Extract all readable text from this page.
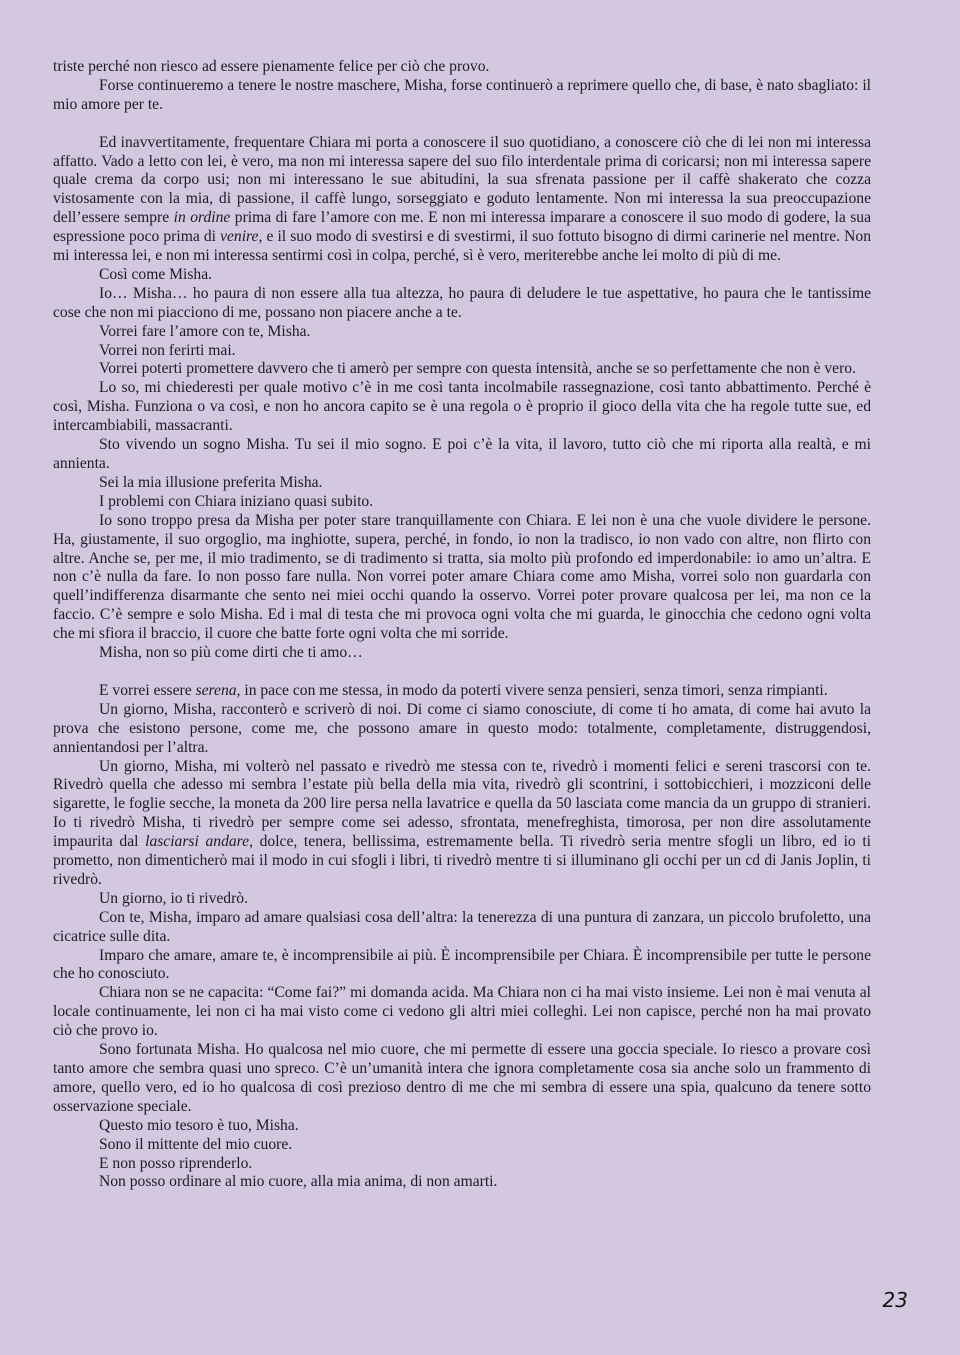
triste perché non riesco ad essere pienamente felice per ciò che provo.

Forse continueremo a tenere le nostre maschere, Misha, forse continuerò a reprimere quello che, di base, è nato sbagliato: il mio amore per te.

Ed inavvertitamente, frequentare Chiara mi porta a conoscere il suo quotidiano, a conoscere ciò che di lei non mi interessa affatto. Vado a letto con lei, è vero, ma non mi interessa sapere del suo filo interdentale prima di coricarsi; non mi interessa sapere quale crema da corpo usi; non mi interessano le sue abitudini, la sua sfrenata passione per il caffè shakerato che cozza vistosamente con la mia, di passione, il caffè lungo, sorseggiato e goduto lentamente. Non mi interessa la sua preoccupazione dell’essere sempre in ordine prima di fare l’amore con me. E non mi interessa imparare a conoscere il suo modo di godere, la sua espressione poco prima di venire, e il suo modo di svestirsi e di svestirmi, il suo fottuto bisogno di dirmi carinerie nel mentre. Non mi interessa lei, e non mi interessa sentirmi così in colpa, perché, sì è vero, meriterebbe anche lei molto di più di me.

Così come Misha.

Io… Misha… ho paura di non essere alla tua altezza, ho paura di deludere le tue aspettative, ho paura che le tantissime cose che non mi piacciono di me, possano non piacere anche a te.

Vorrei fare l’amore con te, Misha.

Vorrei non ferirti mai.

Vorrei poterti promettere davvero che ti amerò per sempre con questa intensità, anche se so perfettamente che non è vero.

Lo so, mi chiederesti per quale motivo c’è in me così tanta incolmabile rassegnazione, così tanto abbattimento. Perché è così, Misha. Funziona o va così, e non ho ancora capito se è una regola o è proprio il gioco della vita che ha regole tutte sue, ed intercambiabili, massacranti.

Sto vivendo un sogno Misha. Tu sei il mio sogno. E poi c’è la vita, il lavoro, tutto ciò che mi riporta alla realtà, e mi annienta.

Sei la mia illusione preferita Misha.

I problemi con Chiara iniziano quasi subito.

Io sono troppo presa da Misha per poter stare tranquillamente con Chiara. E lei non è una che vuole dividere le persone. Ha, giustamente, il suo orgoglio, ma inghiotte, supera, perché, in fondo, io non la tradisco, io non vado con altre, non flirto con altre. Anche se, per me, il mio tradimento, se di tradimento si tratta, sia molto più profondo ed imperdonabile: io amo un’altra. E non c’è nulla da fare. Io non posso fare nulla. Non vorrei poter amare Chiara come amo Misha, vorrei solo non guardarla con quell’indifferenza disarmante che sento nei miei occhi quando la osservo. Vorrei poter provare qualcosa per lei, ma non ce la faccio. C’è sempre e solo Misha. Ed i mal di testa che mi provoca ogni volta che mi guarda, le ginocchia che cedono ogni volta che mi sfiora il braccio, il cuore che batte forte ogni volta che mi sorride.

Misha, non so più come dirti che ti amo…

E vorrei essere serena, in pace con me stessa, in modo da poterti vivere senza pensieri, senza timori, senza rimpianti.

Un giorno, Misha, racconterò e scriverò di noi. Di come ci siamo conosciute, di come ti ho amata, di come hai avuto la prova che esistono persone, come me, che possono amare in questo modo: totalmente, completamente, distruggendosi, annientandosi per l’altra.

Un giorno, Misha, mi volterò nel passato e rivedrò me stessa con te, rivedrò i momenti felici e sereni trascorsi con te. Rivedrò quella che adesso mi sembra l’estate più bella della mia vita, rivedrò gli scontrini, i sottobicchieri, i mozziconi delle sigarette, le foglie secche, la moneta da 200 lire persa nella lavatrice e quella da 50 lasciata come mancia da un gruppo di stranieri. Io ti rivedrò Misha, ti rivedrò per sempre come sei adesso, sfrontata, menefreghista, timorosa, per non dire assolutamente impaurita dal lasciarsi andare, dolce, tenera, bellissima, estremamente bella. Ti rivedrò seria mentre sfogli un libro, ed io ti prometto, non dimenticherò mai il modo in cui sfogli i libri, ti rivedrò mentre ti si illuminano gli occhi per un cd di Janis Joplin, ti rivedrò.

Un giorno, io ti rivedrò.

Con te, Misha, imparo ad amare qualsiasi cosa dell’altra: la tenerezza di una puntura di zanzara, un piccolo brufoletto, una cicatrice sulle dita.

Imparo che amare, amare te, è incomprensibile ai più. È incomprensibile per Chiara. È incomprensibile per tutte le persone che ho conosciuto.

Chiara non se ne capacita: “Come fai?” mi domanda acida. Ma Chiara non ci ha mai visto insieme. Lei non è mai venuta al locale continuamente, lei non ci ha mai visto come ci vedono gli altri miei colleghi. Lei non capisce, perché non ha mai provato ciò che provo io.

Sono fortunata Misha. Ho qualcosa nel mio cuore, che mi permette di essere una goccia speciale. Io riesco a provare così tanto amore che sembra quasi uno spreco. C’è un’umanità intera che ignora completamente cosa sia anche solo un frammento di amore, quello vero, ed io ho qualcosa di così prezioso dentro di me che mi sembra di essere una spia, qualcuno da tenere sotto osservazione speciale.

Questo mio tesoro è tuo, Misha.

Sono il mittente del mio cuore.

E non posso riprenderlo.

Non posso ordinare al mio cuore, alla mia anima, di non amarti.

23
